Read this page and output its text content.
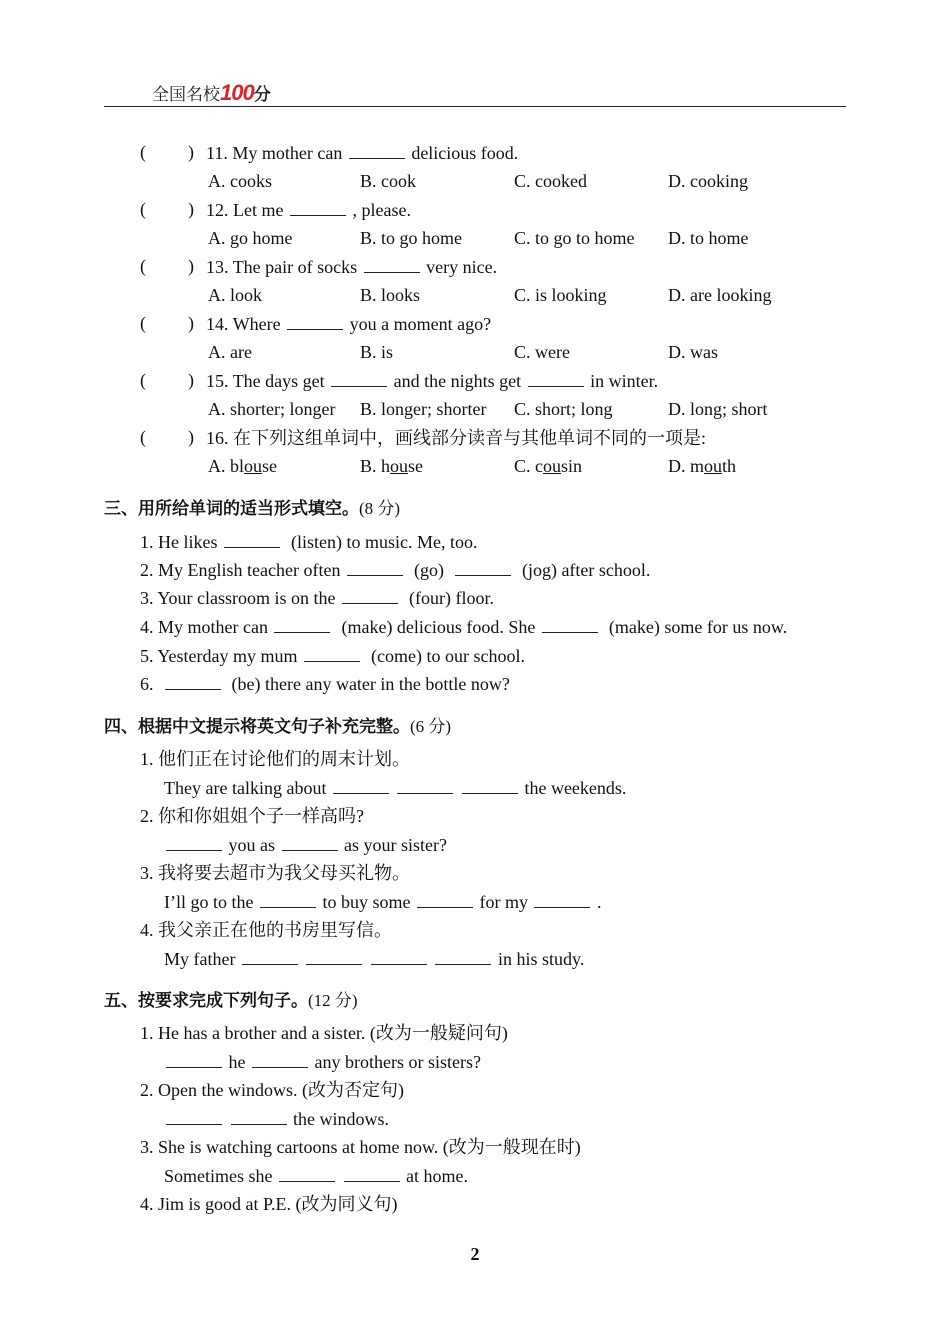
全国名校100分
( ) 11. My mother can	delicious food.
A. cooks	B. cook	C. cooked	D. cooking
( ) 12. Let me	, please.
A. go home	B. to go home	C. to go to home D. to home
( ) 13. The pair of socks	very nice.
A. look	B. looks	C. is looking	D. are looking
( ) 14. Where	you a moment ago?
A. are	B. is	C. were	D. was
( ) 15. The days get	and the nights get	in winter.
A. shorter; longer B. longer; shorter C. short; long	D. long; short
( ) 16. 在下列这组单词中，画线部分读音与其他单词不同的一项是:
A. blouse	B. house	C. cousin	D. mouth
三、用所给单词的适当形式填空。(8 分)
1. He likes	(listen) to music. Me, too.
2. My English teacher often	(go)	(jog) after school.
3. Your classroom is on the	(four) floor.
4. My mother can	(make) delicious food. She	(make) some for us now.
5. Yesterday my mum	(come) to our school.
6.	(be) there any water in the bottle now?
四、根据中文提示将英文句子补充完整。(6 分)
1. 他们正在讨论他们的周末计划。
They are talking about	the weekends.
2. 你和你姐姐个子一样高吗?
you as	as your sister?
3. 我将要去超市为我父母买礼物。
I’ll go to the	to buy some	for my	.
4. 我父亲正在他的书房里写信。
My father	in his study.
五、按要求完成下列句子。(12 分)
1. He has a brother and a sister. (改为一般疑问句)
he	any brothers or sisters?
2. Open the windows. (改为否定句)
the windows.
3. She is watching cartoons at home now. (改为一般现在时)
Sometimes she	at home.
4. Jim is good at P.E. (改为同义句)
2
